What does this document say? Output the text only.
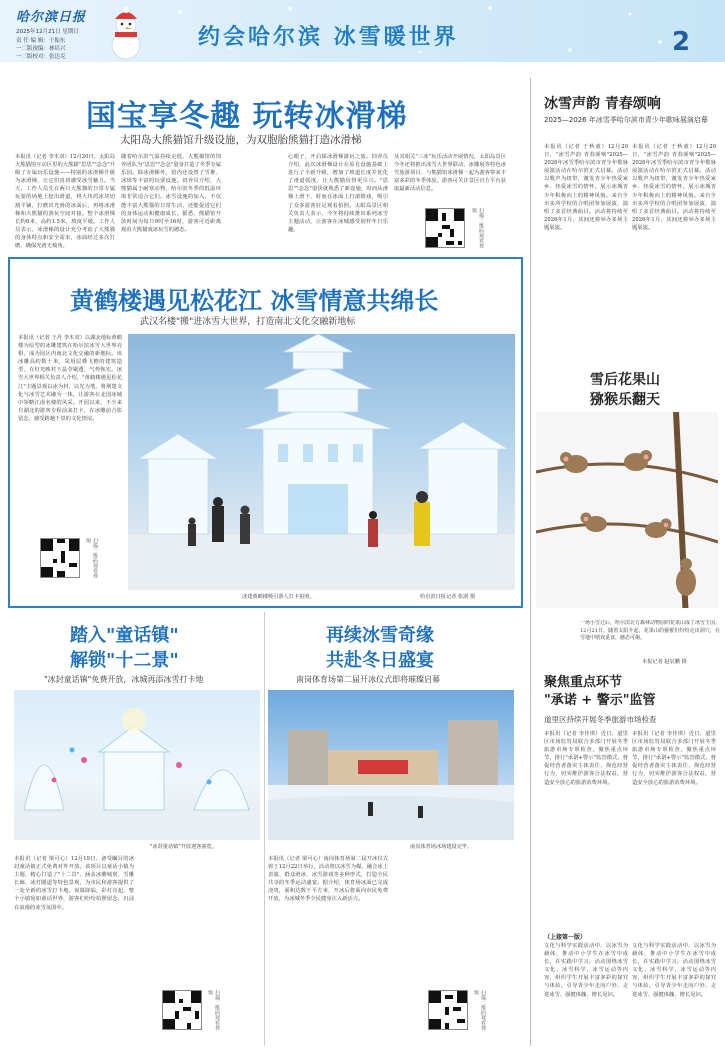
哈尔滨日报
2025年12月21日 星期日
责 任 编 辑：于振东
一二版视编：林培兴
一二版校对：张达克
约会哈尔滨 冰雪暖世界	2
国宝享冬趣 玩转冰滑梯
太阳岛大熊猫馆升级设施，为双胞胎熊猫打造冰滑梯
本报讯（记者 李木双）12月20日，太阳岛大熊猫馆互动区里的大熊猫"思思""念念"升级了专属玩乐设施——特别的冰滑梯升级为冰滑梯，让它们真切感受冰雪魅力。当天，工作人员先在两只大熊猫的日常专属玩耍的场地上挖出滑道，将大块的冰块切割平铺，打磨出光滑的冰面后，再将冰滑梯和大熊猫的游玩空间对接。整个冰滑梯长约6米，高约1.5米，坡度平缓。工作人员表示，冰滑梯的设计充分考虑了大熊猫的身体特点和安全需求，冰面经过多次打磨，确保光滑无棱角。
随着哈尔滨气温持续走低，大熊猫馆的饲养团队为"思思""念念"量身打造了冬季专属乐园。除冰滑梯外，馆内还设置了雪堆、冰球等丰富的玩耍设施。饲养员介绍，大熊猫属于耐寒动物，哈尔滨冬季的低温环境非常适合它们。冰雪设施的加入，不仅能丰富大熊猫的日常生活，还能促进它们的身体运动和健康成长。据悉，熊猫馆开放时间为每日9时至16时，游客可近距离观看大熊猫戏冰玩雪的憨态。
心眼子，开启探冰滑梯游玩之旅。饲养员介绍，此次冰滑梯设计在原有设施基础上进行了全新升级，增加了坡道长度并优化了滑道弧度，让大熊猫玩得更尽兴。"思思""念念"很快就熟悉了新设施，时而从滑梯上滑下，时而在冰面上打滚嬉戏，吸引了众多游客驻足观看拍照。太阳岛景区相关负责人表示，今冬将持续推出系列冰雪主题活动，让游客在冰城感受别样冬日乐趣。
及其相关"三冰"玩乐活动开展情况，太阳岛景区今冬还将推出冰雪大世界联动、冰雕展等特色冰雪旅游项目，与熊猫馆冰滑梯一起为游客带来丰富多彩的冬季体验。游客可关注景区官方平台获取最新活动信息。
扫描二维码观看视频
黄鹤楼遇见松花江 冰雪情意共绵长
武汉名楼"搬"进冰雪大世界，打造南北文化交融新地标
本报讯（记者 王丹 李木双）以湖北地标黄鹤楼为原型的冰雕建筑在哈尔滨冰雪大世界亮相，成为园区内南北文化交融的新地标。该冰雕高约数十米，采用层叠飞檐的建筑造型，在灯光映衬下晶莹剔透、气势恢宏。冰雪大世界相关负责人介绍，"黄鹤楼遇见松花江"主题景观以冰为材、以光为笔，将荆楚文化与冰雪艺术融为一体，让游客在北国冰城中领略江南名楼的风采。开园以来，不少来自湖北的游客专程前来打卡，在冰雕前合影留念，感受跨越千里的文化情谊。
扫描二维码观看视频
冰建黄鹤楼吸引游人打卡拍照。	哈尔滨日报记者 张澍 摄
踏入"童话镇"
解锁"十二景"
"冰封童话镇"免费开放，冰城再添冰雪打卡地
"冰封童话镇"开放迎客游览。
本报讯（记者 梁可心）12月19日，备受瞩目的冰封童话镇正式免费对外开放。该项目以童话小镇为主题，精心打造了"十二景"，涵盖冰雕城堡、雪雕长廊、冰灯隧道等特色景观，为市民和游客提供了一处全新的冰雪打卡地。夜幕降临，彩灯亮起，整个小镇宛如童话世界，游客们纷纷拍照留念，沉浸在浪漫的冰雪氛围中。
扫描二维码观看视频
再续冰雪奇缘
共赴冬日盛宴
南岗体育场第二届开冰仪式即将璀璨启幕
南岗体育场冰场建设完毕。
本报讯（记者 梁可心）南岗体育场第二届开冰仪式将于12月22日举行，活动将以冰雪为媒，融合冰上表演、群众滑冰、冰雪游戏等多种形式，打造全民共享的冬季运动盛宴。据介绍，体育场冰面已完成浇筑，面积达数千平方米，开冰后将面向市民免费开放，为冰城冬季全民健身注入新活力。
扫描二维码观看视频
冰雪声韵 青春颂响
2025—2026 年冰雪季哈尔滨市青少年歌咏展演启幕
本报讯（记者 于秋童）12月20日，"冰雪声韵 青春颂响"2025—2026年冰雪季哈尔滨市青少年歌咏展演活动在哈尔滨正式启幕。活动以歌声为纽带，激发青少年热爱家乡、热爱冰雪的情怀，展示冰城青少年积极向上的精神风貌。来自全市多所学校的合唱团参加展演，演唱了多首经典曲目。活动将持续至2026年1月，其间还将举办多场主题展演。
本报讯（记者 于秋童）12月20日，"冰雪声韵 青春颂响"2025—2026年冰雪季哈尔滨市青少年歌咏展演活动在哈尔滨正式启幕。活动以歌声为纽带，激发青少年热爱家乡、热爱冰雪的情怀，展示冰城青少年积极向上的精神风貌。来自全市多所学校的合唱团参加展演，演唱了多首经典曲目。活动将持续至2026年1月，其间还将举办多场主题展演。
雪后花果山
猕猴乐翻天
一场小雪过后，哈尔滨北方森林动物园的花果山成了冰雪王国。12月21日，随着太阳升起，花果山的猕猴们纷纷走出洞穴，在雪地中嬉戏觅食，憨态可掬。
本报记者 赵辰鹏 摄
聚焦重点环节
"承诺 + 警示"监管
道里区持续开展冬季旅游市场检查
本报讯（记者 李佳琪）近日，道里区市场监管局联合多部门开展冬季旅游市场专项检查，聚焦重点环节，推行"承诺+警示"监管模式，督促经营者落实主体责任，规范经营行为，切实维护游客合法权益，营造安全放心的旅游消费环境。
本报讯（记者 李佳琪）近日，道里区市场监管局联合多部门开展冬季旅游市场专项检查，聚焦重点环节，推行"承诺+警示"监管模式，督促经营者落实主体责任，规范经营行为，切实维护游客合法权益，营造安全放心的旅游消费环境。
（上接第一版）
文化与科学实践活动中，以冰雪为载体，推动中小学生在冰雪中成长，在实践中学习。活动围绕冰雪文化、冰雪科学、冰雪运动等内容，组织学生开展丰富多彩的探究与体验，引导青少年走向户外、走进冰雪、强健体魄、增长见识。
文化与科学实践活动中，以冰雪为载体，推动中小学生在冰雪中成长，在实践中学习。活动围绕冰雪文化、冰雪科学、冰雪运动等内容，组织学生开展丰富多彩的探究与体验，引导青少年走向户外、走进冰雪、强健体魄、增长见识。
